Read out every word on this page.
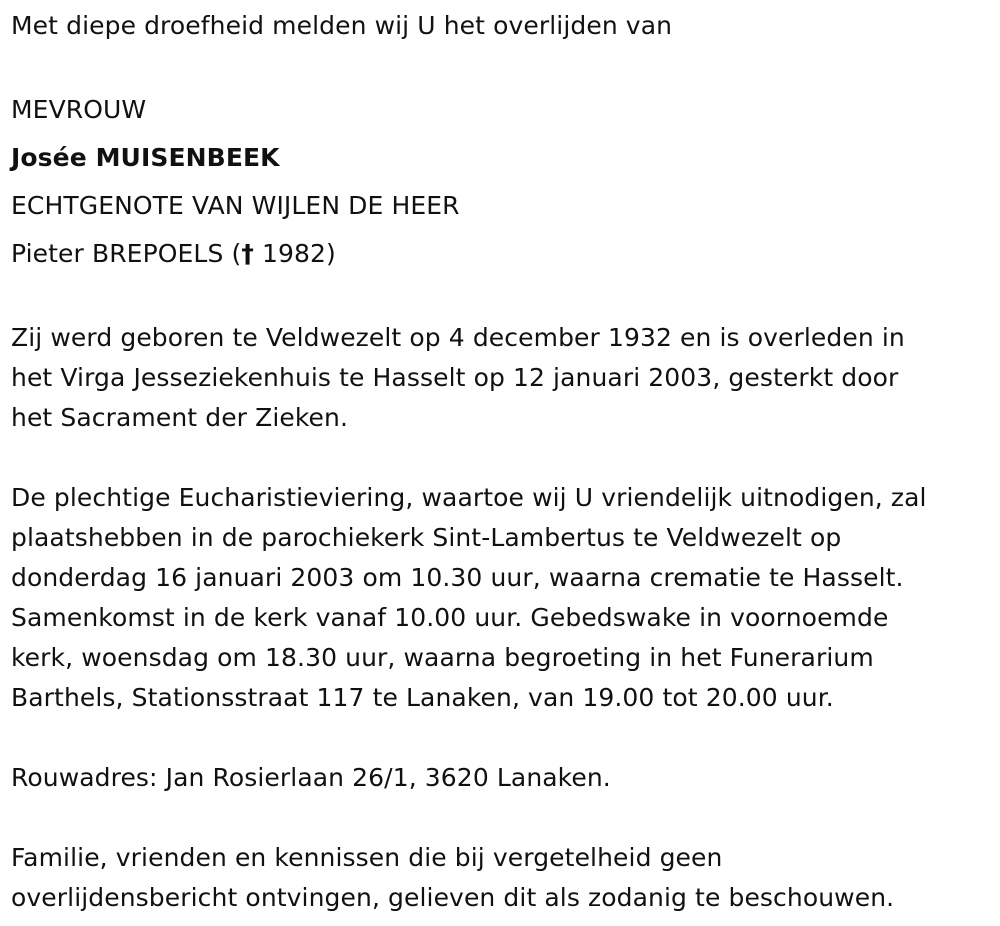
Met diepe droefheid melden wij U het overlijden van
MEVROUW
Josée MUISENBEEK
ECHTGENOTE VAN WIJLEN DE HEER
Pieter BREPOELS († 1982)
Zij werd geboren te Veldwezelt op 4 december 1932 en is overleden in
het Virga Jesseziekenhuis te Hasselt op 12 januari 2003, gesterkt door
het Sacrament der Zieken.
De plechtige Eucharistieviering, waartoe wij U vriendelijk uitnodigen, zal
plaatshebben in de parochiekerk Sint-Lambertus te Veldwezelt op
donderdag 16 januari 2003 om 10.30 uur, waarna crematie te Hasselt.
Samenkomst in de kerk vanaf 10.00 uur. Gebedswake in voornoemde
kerk, woensdag om 18.30 uur, waarna begroeting in het Funerarium
Barthels, Stationsstraat 117 te Lanaken, van 19.00 tot 20.00 uur.
Rouwadres: Jan Rosierlaan 26/1, 3620 Lanaken.
Familie, vrienden en kennissen die bij vergetelheid geen
overlijdensbericht ontvingen, gelieven dit als zodanig te beschouwen.
